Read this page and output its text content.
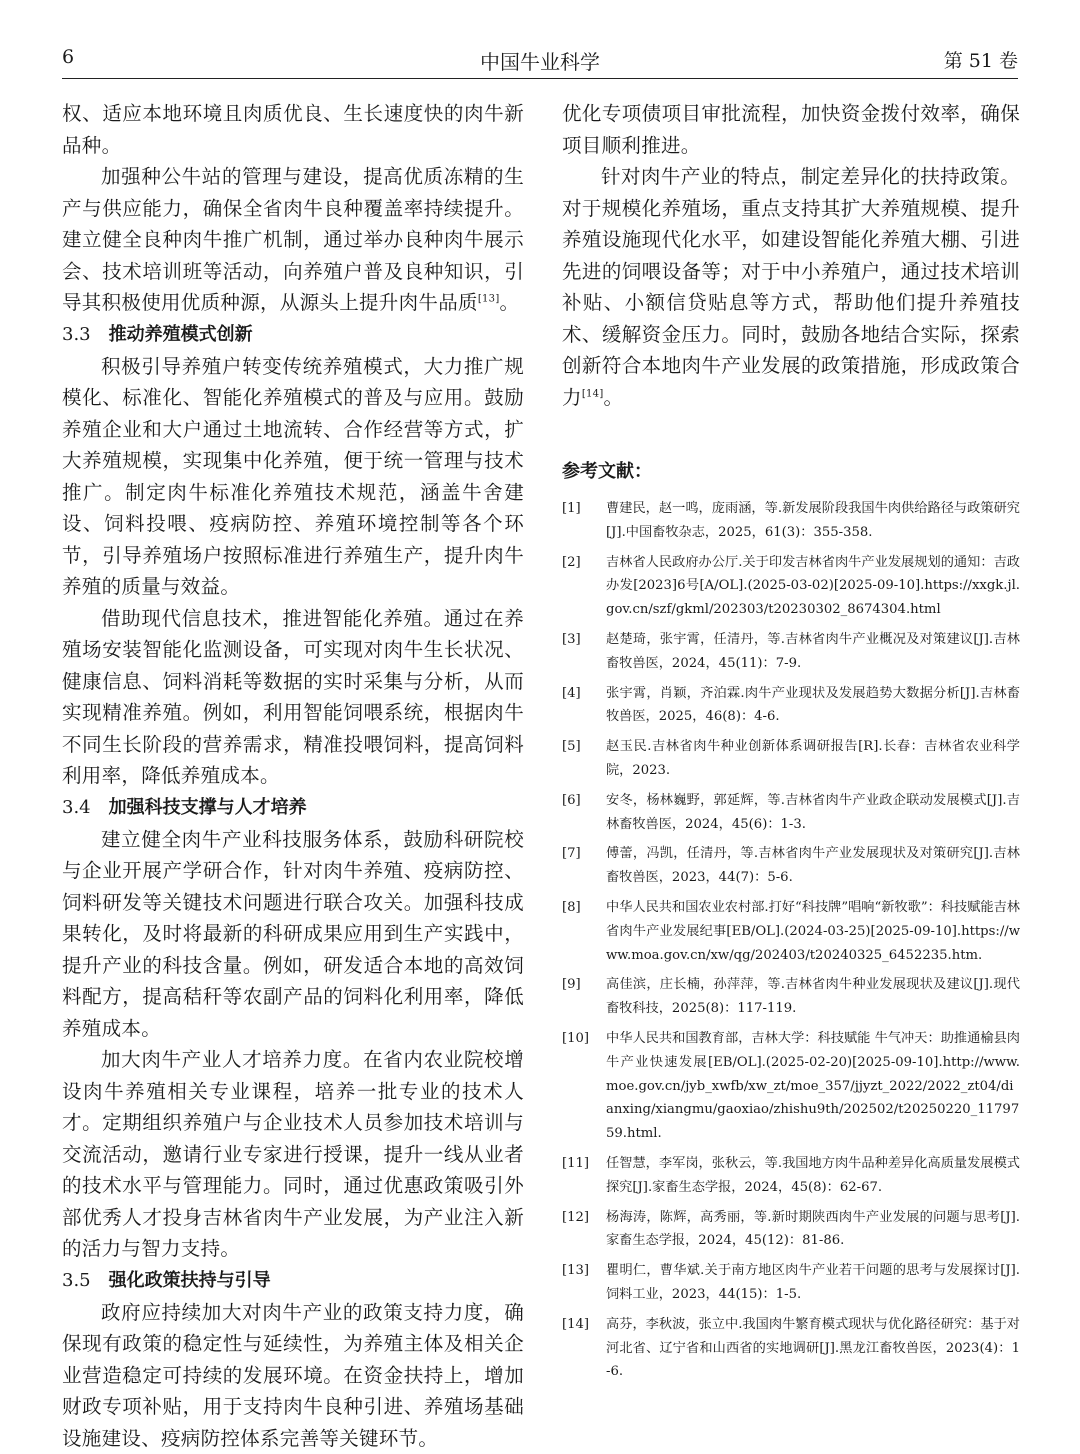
6	中国牛业科学	第 51 卷

权、适应本地环境且肉质优良、生长速度快的肉牛新品种。

加强种公牛站的管理与建设，提高优质冻精的生产与供应能力，确保全省肉牛良种覆盖率持续提升。建立健全良种肉牛推广机制，通过举办良种肉牛展示会、技术培训班等活动，向养殖户普及良种知识，引导其积极使用优质种源，从源头上提升肉牛品质[13]。

3.3 推动养殖模式创新

积极引导养殖户转变传统养殖模式，大力推广规模化、标准化、智能化养殖模式的普及与应用。鼓励养殖企业和大户通过土地流转、合作经营等方式，扩大养殖规模，实现集中化养殖，便于统一管理与技术推广。制定肉牛标准化养殖技术规范，涵盖牛舍建设、饲料投喂、疫病防控、养殖环境控制等各个环节，引导养殖场户按照标准进行养殖生产，提升肉牛养殖的质量与效益。

借助现代信息技术，推进智能化养殖。通过在养殖场安装智能化监测设备，可实现对肉牛生长状况、健康信息、饲料消耗等数据的实时采集与分析，从而实现精准养殖。例如，利用智能饲喂系统，根据肉牛不同生长阶段的营养需求，精准投喂饲料，提高饲料利用率，降低养殖成本。

3.4 加强科技支撑与人才培养

建立健全肉牛产业科技服务体系，鼓励科研院校与企业开展产学研合作，针对肉牛养殖、疫病防控、饲料研发等关键技术问题进行联合攻关。加强科技成果转化，及时将最新的科研成果应用到生产实践中，提升产业的科技含量。例如，研发适合本地的高效饲料配方，提高秸秆等农副产品的饲料化利用率，降低养殖成本。

加大肉牛产业人才培养力度。在省内农业院校增设肉牛养殖相关专业课程，培养一批专业的技术人才。定期组织养殖户与企业技术人员参加技术培训与交流活动，邀请行业专家进行授课，提升一线从业者的技术水平与管理能力。同时，通过优惠政策吸引外部优秀人才投身吉林省肉牛产业发展，为产业注入新的活力与智力支持。

3.5 强化政策扶持与引导

政府应持续加大对肉牛产业的政策支持力度，确保现有政策的稳定性与延续性，为养殖主体及相关企业营造稳定可持续的发展环境。在资金扶持上，增加财政专项补贴，用于支持肉牛良种引进、养殖场基础设施建设、疫病防控体系完善等关键环节。

优化专项债项目审批流程，加快资金拨付效率，确保项目顺利推进。

针对肉牛产业的特点，制定差异化的扶持政策。对于规模化养殖场，重点支持其扩大养殖规模、提升养殖设施现代化水平，如建设智能化养殖大棚、引进先进的饲喂设备等；对于中小养殖户，通过技术培训补贴、小额信贷贴息等方式，帮助他们提升养殖技术、缓解资金压力。同时，鼓励各地结合实际，探索创新符合本地肉牛产业发展的政策措施，形成政策合力[14]。

参考文献：
[1] 曹建民，赵一鸣，庞雨涵，等.新发展阶段我国牛肉供给路径与政策研究[J].中国畜牧杂志，2025，61(3)：355-358.
[2] 吉林省人民政府办公厅.关于印发吉林省肉牛产业发展规划的通知：吉政办发[2023]6号[A/OL].(2025-03-02)[2025-09-10].https://xxgk.jl.gov.cn/szf/gkml/202303/t20230302_8674304.html
[3] 赵楚琦，张宇霄，任清丹，等.吉林省肉牛产业概况及对策建议[J].吉林畜牧兽医，2024，45(11)：7-9.
[4] 张宇霄，肖颖，齐泊霖.肉牛产业现状及发展趋势大数据分析[J].吉林畜牧兽医，2025，46(8)：4-6.
[5] 赵玉民.吉林省肉牛种业创新体系调研报告[R].长春：吉林省农业科学院，2023.
[6] 安冬，杨林巍野，郭延辉，等.吉林省肉牛产业政企联动发展模式[J].吉林畜牧兽医，2024，45(6)：1-3.
[7] 傅蕾，冯凯，任清丹，等.吉林省肉牛产业发展现状及对策研究[J].吉林畜牧兽医，2023，44(7)：5-6.
[8] 中华人民共和国农业农村部.打好“科技牌”唱响“新牧歌”：科技赋能吉林省肉牛产业发展纪事[EB/OL].(2024-03-25)[2025-09-10].https://www.moa.gov.cn/xw/qg/202403/t20240325_6452235.htm.
[9] 高佳滨，庄长楠，孙萍萍，等.吉林省肉牛种业发展现状及建议[J].现代畜牧科技，2025(8)：117-119.
[10] 中华人民共和国教育部，吉林大学：科技赋能 牛气冲天：助推通榆县肉牛产业快速发展[EB/OL].(2025-02-20)[2025-09-10].http://www.moe.gov.cn/jyb_xwfb/xw_zt/moe_357/jjyzt_2022/2022_zt04/dianxing/xiangmu/gaoxiao/zhishu9th/202502/t20250220_1179759.html.
[11] 任智慧，李军岗，张秋云，等.我国地方肉牛品种差异化高质量发展模式探究[J].家畜生态学报，2024，45(8)：62-67.
[12] 杨海涛，陈辉，高秀丽，等.新时期陕西肉牛产业发展的问题与思考[J].家畜生态学报，2024，45(12)：81-86.
[13] 瞿明仁，曹华斌.关于南方地区肉牛产业若干问题的思考与发展探讨[J].饲料工业，2023，44(15)：1-5.
[14] 高芬，李秋波，张立中.我国肉牛繁育模式现状与优化路径研究：基于对河北省、辽宁省和山西省的实地调研[J].黑龙江畜牧兽医，2023(4)：1-6.
